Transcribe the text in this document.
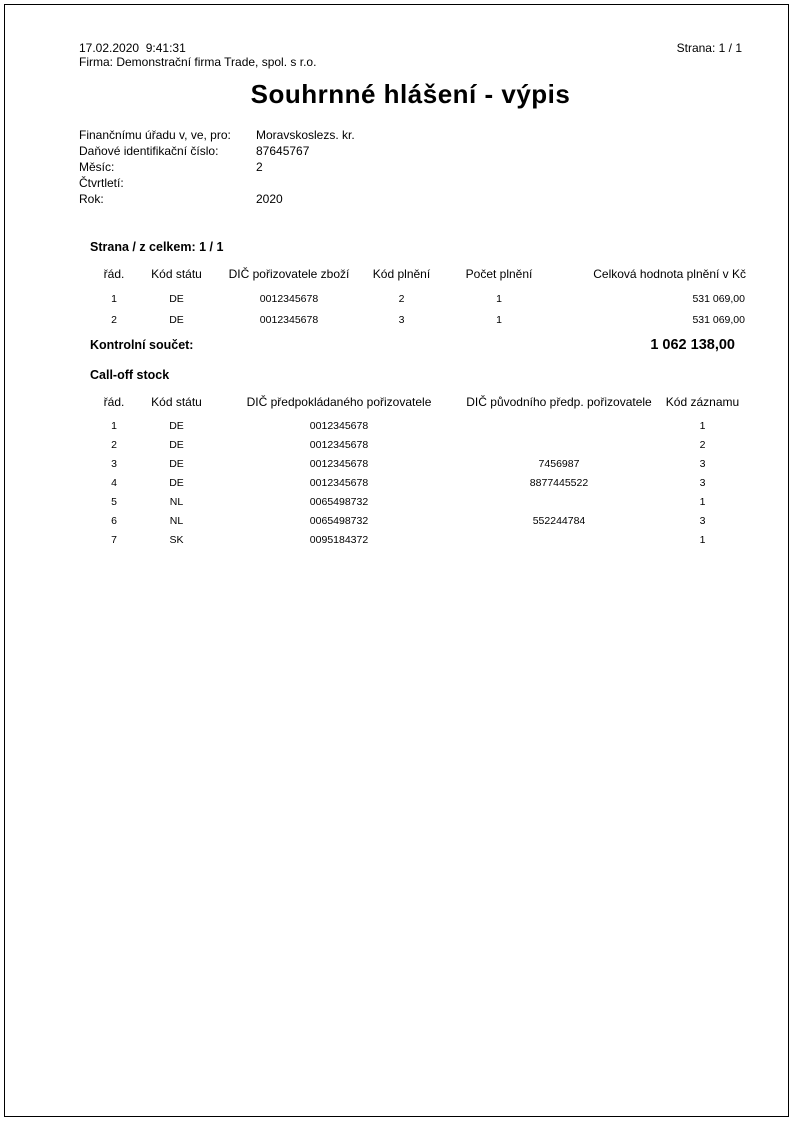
17.02.2020  9:41:31
Firma: Demonstrační firma Trade, spol. s r.o.
Strana: 1 / 1
Souhrnné hlášení - výpis
Finančnímu úřadu v, ve, pro:	Moravskoslezs. kr.
Daňové identifikační číslo:	87645767
Měsíc:	2
Čtvrtletí:
Rok:	2020
Strana / z celkem: 1 / 1
řád.	Kód státu	DIČ pořizovatele zboží	Kód plnění	Počet plnění	Celková hodnota plnění v Kč
1	DE	0012345678	2	1	531 069,00
2	DE	0012345678	3	1	531 069,00
Kontrolní součet:	1 062 138,00
Call-off stock
řád.	Kód státu	DIČ předpokládaného pořizovatele	DIČ původního předp. pořizovatele	Kód záznamu
1	DE	0012345678		1
2	DE	0012345678		2
3	DE	0012345678	7456987	3
4	DE	0012345678	8877445522	3
5	NL	0065498732		1
6	NL	0065498732	552244784	3
7	SK	0095184372		1
